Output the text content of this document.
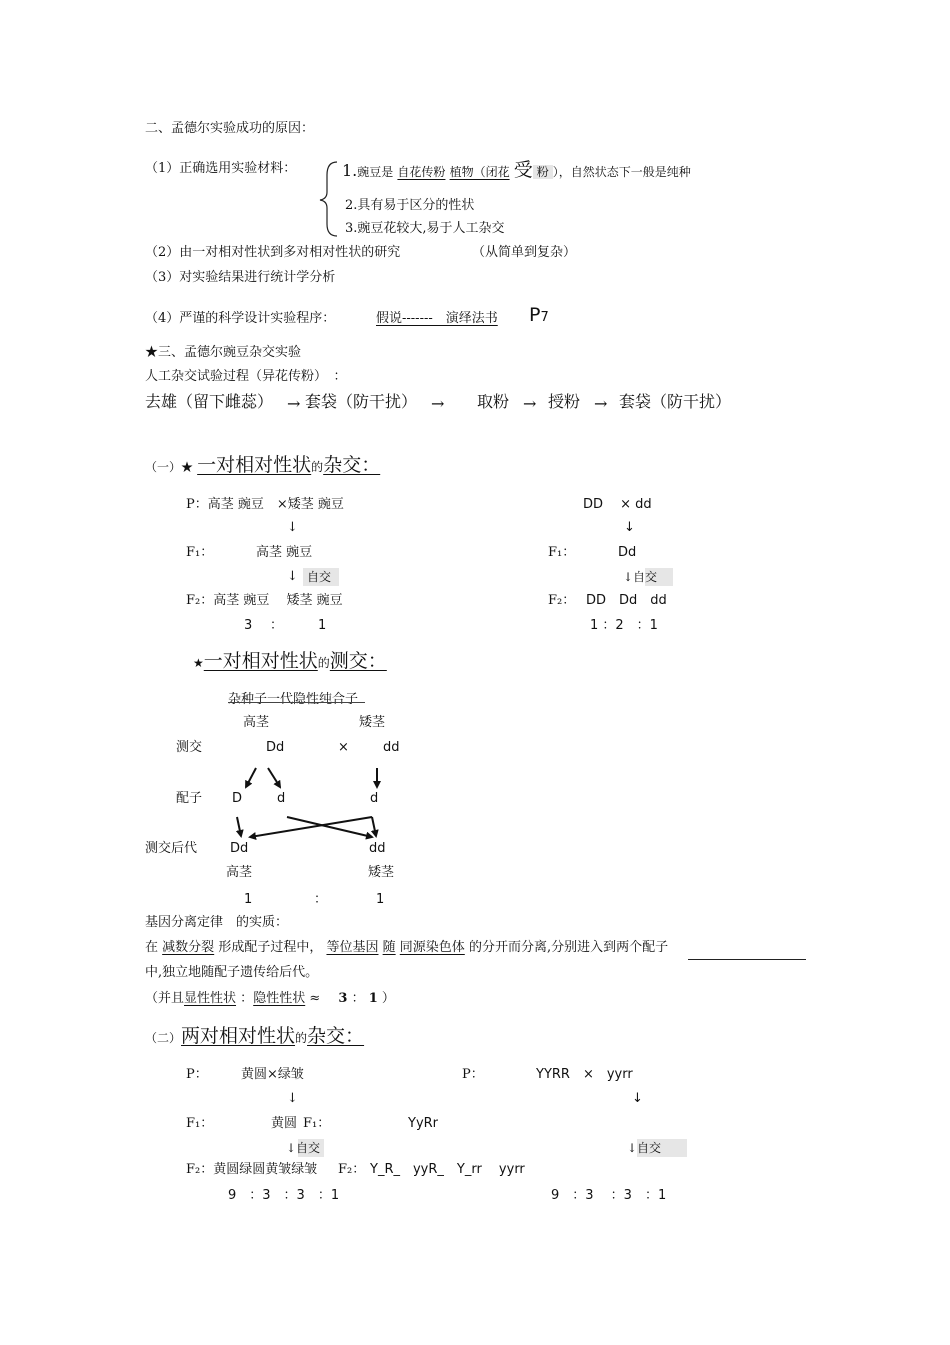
二、孟德尔实验成功的原因：
（1）正确选用实验材料：	1.豌豆是 自花传粉 植物（闭花 受 粉 ），自然状态下一般是纯种
2.具有易于区分的性状
3.豌豆花较大,易于人工杂交
（2）由一对相对性状到多对相对性状的研究	（从简单到复杂）
（3）对实验结果进行统计学分析
（4）严谨的科学设计实验程序：	假说-------　演绎法书 P7
★三、孟德尔豌豆杂交实验
人工杂交试验过程（异花传粉）　：
去雄（留下雌蕊） → 套袋（防干扰） → 取粉 → 授粉 → 套袋（防干扰）
（一）★ 一对相对性状的杂交：
P：高茎 豌豆　×矮茎 豌豆
↓
F₁：	高茎 豌豆
↓ 自交
F₂：高茎 豌豆　 矮茎 豌豆
3 ：	1
DD　 × dd
↓
F₁：	Dd
↓自交
F₂： DD　Dd　dd
1 ：2　：1
★一对相对性状的测交：
杂种子一代隐性纯合子
高茎	矮茎
测交	Dd	×	dd
配子 D	d	d
测交后代	Dd	dd
高茎	矮茎
1	：	1
基因分离定律　的实质：
在 减数分裂 形成配子过程中， 等位基因 随 同源染色体 的分开而分离,分别进入到两个配子
中,独立地随配子遗传给后代。
（并且显性性状 ：隐性性状 ≈ 3 ： 1 ）
（二）两对相对性状的杂交：
P：	黄圆×绿皱
↓
F₁：	黄圆
↓自交
F₂：黄圆绿圆黄皱绿皱
9　：3　：3　：1
P：	YYRR　×　yyrr
↓
F₁：	YyRr
↓自交
F₂： Y_R_　yyR_　Y_rr　 yyrr
9　：3　 ：3　：1
